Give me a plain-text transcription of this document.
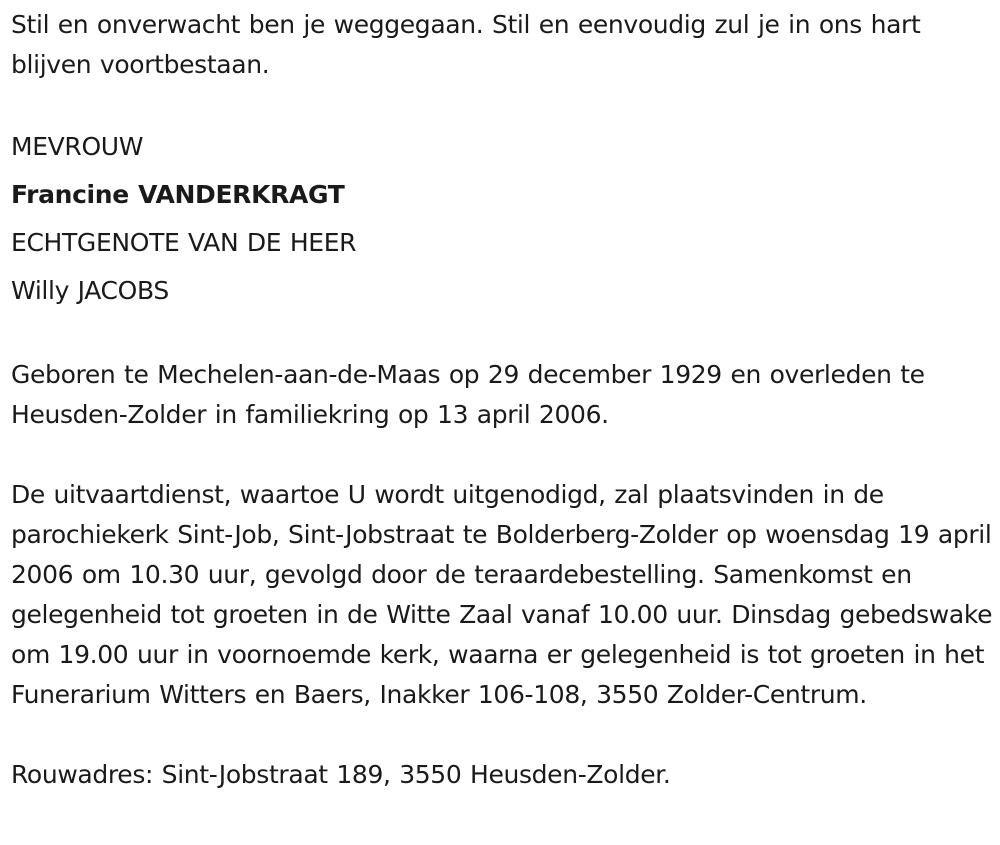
Stil en onverwacht ben je weggegaan. Stil en eenvoudig zul je in ons hart blijven voortbestaan.

MEVROUW

Francine VANDERKRAGT

ECHTGENOTE VAN DE HEER

Willy JACOBS

Geboren te Mechelen-aan-de-Maas op 29 december 1929 en overleden te Heusden-Zolder in familiekring op 13 april 2006.

De uitvaartdienst, waartoe U wordt uitgenodigd, zal plaatsvinden in de parochiekerk Sint-Job, Sint-Jobstraat te Bolderberg-Zolder op woensdag 19 april 2006 om 10.30 uur, gevolgd door de teraardebestelling. Samenkomst en gelegenheid tot groeten in de Witte Zaal vanaf 10.00 uur. Dinsdag gebedswake om 19.00 uur in voornoemde kerk, waarna er gelegenheid is tot groeten in het Funerarium Witters en Baers, Inakker 106-108, 3550 Zolder-Centrum.

Rouwadres: Sint-Jobstraat 189, 3550 Heusden-Zolder.
